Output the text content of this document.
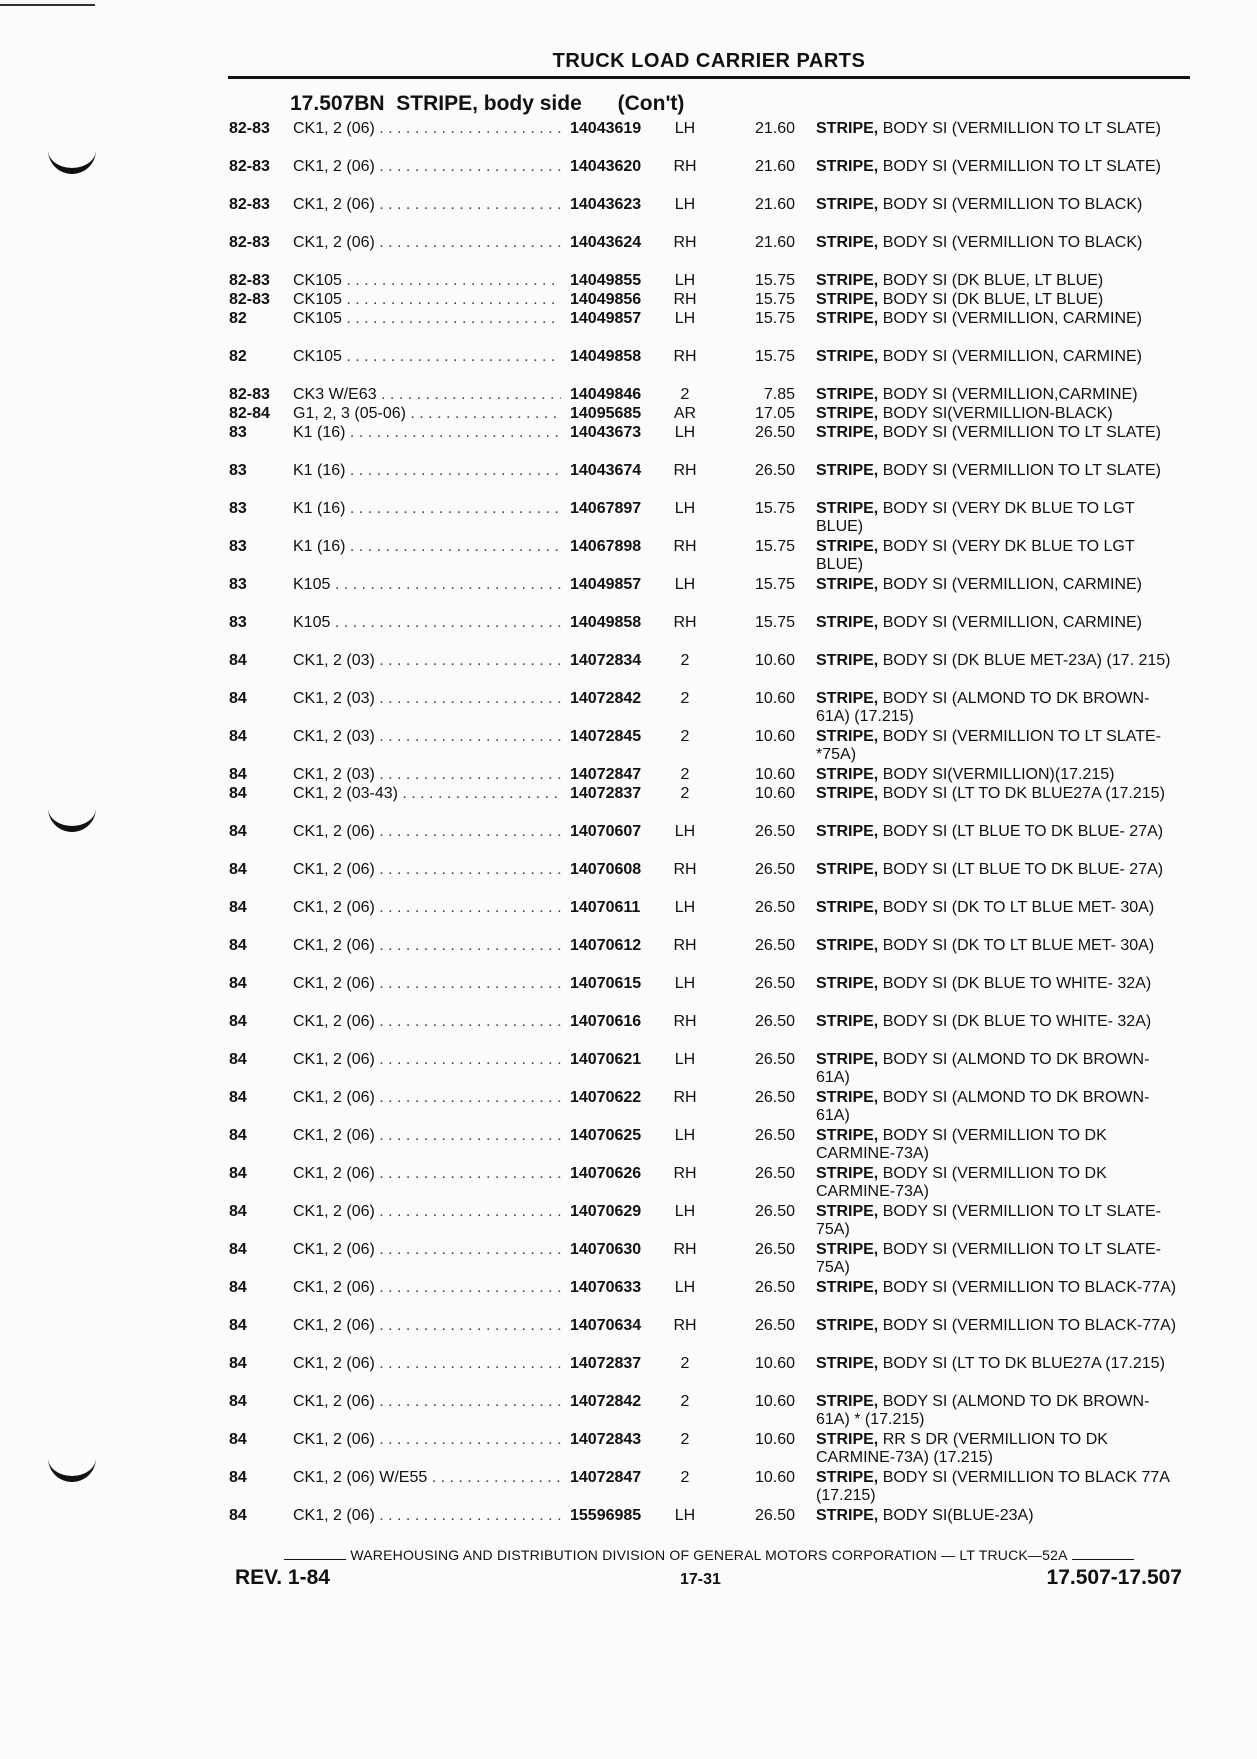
TRUCK LOAD CARRIER PARTS
17.507BN STRIPE, body side (Con't)
82-83 CK1, 2 (06) . . .	14043619 LH	21.60 STRIPE, BODY SI (VERMILLION TO LT SLATE)
82-83 CK1, 2 (06) . . .	14043620 RH	21.60 STRIPE, BODY SI (VERMILLION TO LT SLATE)
82-83 CK1, 2 (06) . . .	14043623 LH	21.60 STRIPE, BODY SI (VERMILLION TO BLACK)
82-83 CK1, 2 (06) . . .	14043624 RH	21.60 STRIPE, BODY SI (VERMILLION TO BLACK)
82-83 CK105 . . .	14049855 LH	15.75 STRIPE, BODY SI (DK BLUE, LT BLUE)
82-83 CK105 . . .	14049856 RH	15.75 STRIPE, BODY SI (DK BLUE, LT BLUE)
82	CK105 . . .	14049857 LH	15.75 STRIPE, BODY SI (VERMILLION, CARMINE)
82	CK105 . . .	14049858 RH	15.75 STRIPE, BODY SI (VERMILLION, CARMINE)
82-83 CK3 W/E63 . . .	14049846	2	7.85 STRIPE, BODY SI (VERMILLION,CARMINE)
82-84 G1, 2, 3 (05-06) . . .	14095685 AR	17.05 STRIPE, BODY SI(VERMILLION-BLACK)
83	K1 (16) . . .	14043673 LH	26.50 STRIPE, BODY SI (VERMILLION TO LT SLATE)
83	K1 (16) . . .	14043674 RH	26.50 STRIPE, BODY SI (VERMILLION TO LT SLATE)
83	K1 (16) . . .	14067897 LH	15.75 STRIPE, BODY SI (VERY DK BLUE TO LGT BLUE)
83	K1 (16) . . .	14067898 RH	15.75 STRIPE, BODY SI (VERY DK BLUE TO LGT BLUE)
83	K105 . . .	14049857 LH	15.75 STRIPE, BODY SI (VERMILLION, CARMINE)
83	K105 . . .	14049858 RH	15.75 STRIPE, BODY SI (VERMILLION, CARMINE)
84	CK1, 2 (03) . . .	14072834	2	10.60 STRIPE, BODY SI (DK BLUE MET-23A) (17. 215)
84	CK1, 2 (03) . . .	14072842	2	10.60 STRIPE, BODY SI (ALMOND TO DK BROWN-61A) (17.215)
84	CK1, 2 (03) . . .	14072845	2	10.60 STRIPE, BODY SI (VERMILLION TO LT SLATE-*75A)
84	CK1, 2 (03) . . .	14072847	2	10.60 STRIPE, BODY SI(VERMILLION)(17.215)
84	CK1, 2 (03-43) . . .	14072837	2	10.60 STRIPE, BODY SI (LT TO DK BLUE27A (17.215)
84	CK1, 2 (06) . . .	14070607 LH	26.50 STRIPE, BODY SI (LT BLUE TO DK BLUE- 27A)
84	CK1, 2 (06) . . .	14070608 RH	26.50 STRIPE, BODY SI (LT BLUE TO DK BLUE- 27A)
84	CK1, 2 (06) . . .	14070611 LH	26.50 STRIPE, BODY SI (DK TO LT BLUE MET- 30A)
84	CK1, 2 (06) . . .	14070612 RH	26.50 STRIPE, BODY SI (DK TO LT BLUE MET- 30A)
84	CK1, 2 (06) . . .	14070615 LH	26.50 STRIPE, BODY SI (DK BLUE TO WHITE- 32A)
84	CK1, 2 (06) . . .	14070616 RH	26.50 STRIPE, BODY SI (DK BLUE TO WHITE- 32A)
84	CK1, 2 (06) . . .	14070621 LH	26.50 STRIPE, BODY SI (ALMOND TO DK BROWN-61A)
84	CK1, 2 (06) . . .	14070622 RH	26.50 STRIPE, BODY SI (ALMOND TO DK BROWN-61A)
84	CK1, 2 (06) . . .	14070625 LH	26.50 STRIPE, BODY SI (VERMILLION TO DK CARMINE-73A)
84	CK1, 2 (06) . . .	14070626 RH	26.50 STRIPE, BODY SI (VERMILLION TO DK CARMINE-73A)
84	CK1, 2 (06) . . .	14070629 LH	26.50 STRIPE, BODY SI (VERMILLION TO LT SLATE-75A)
84	CK1, 2 (06) . . .	14070630 RH	26.50 STRIPE, BODY SI (VERMILLION TO LT SLATE-75A)
84	CK1, 2 (06) . . .	14070633 LH	26.50 STRIPE, BODY SI (VERMILLION TO BLACK-77A)
84	CK1, 2 (06) . . .	14070634 RH	26.50 STRIPE, BODY SI (VERMILLION TO BLACK-77A)
84	CK1, 2 (06) . . .	14072837	2	10.60 STRIPE, BODY SI (LT TO DK BLUE27A (17.215)
84	CK1, 2 (06) . . .	14072842	2	10.60 STRIPE, BODY SI (ALMOND TO DK BROWN-61A) * (17.215)
84	CK1, 2 (06) . . .	14072843	2	10.60 STRIPE, RR S DR (VERMILLION TO DK CARMINE-73A) (17.215)
84	CK1, 2 (06) W/E55 . . .	14072847	2	10.60 STRIPE, BODY SI (VERMILLION TO BLACK 77A (17.215)
84	CK1, 2 (06) . . .	15596985 LH	26.50 STRIPE, BODY SI(BLUE-23A)
WAREHOUSING AND DISTRIBUTION DIVISION OF GENERAL MOTORS CORPORATION — LT TRUCK—52A
REV. 1-84	17-31	17.507-17.507
